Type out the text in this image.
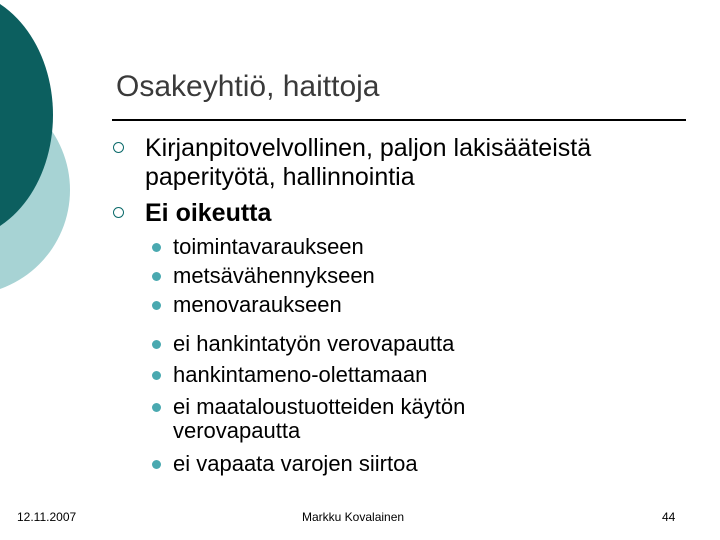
Osakeyhtiö, haittoja
Kirjanpitovelvollinen, paljon lakisääteistä paperityötä, hallinnointia
Ei oikeutta
toimintavaraukseen
metsävähennykseen
menovaraukseen
ei hankintatyön verovapautta
hankintameno-olettamaan
ei maataloustuotteiden käytön verovapautta
ei vapaata varojen siirtoa
12.11.2007	Markku Kovalainen	44
